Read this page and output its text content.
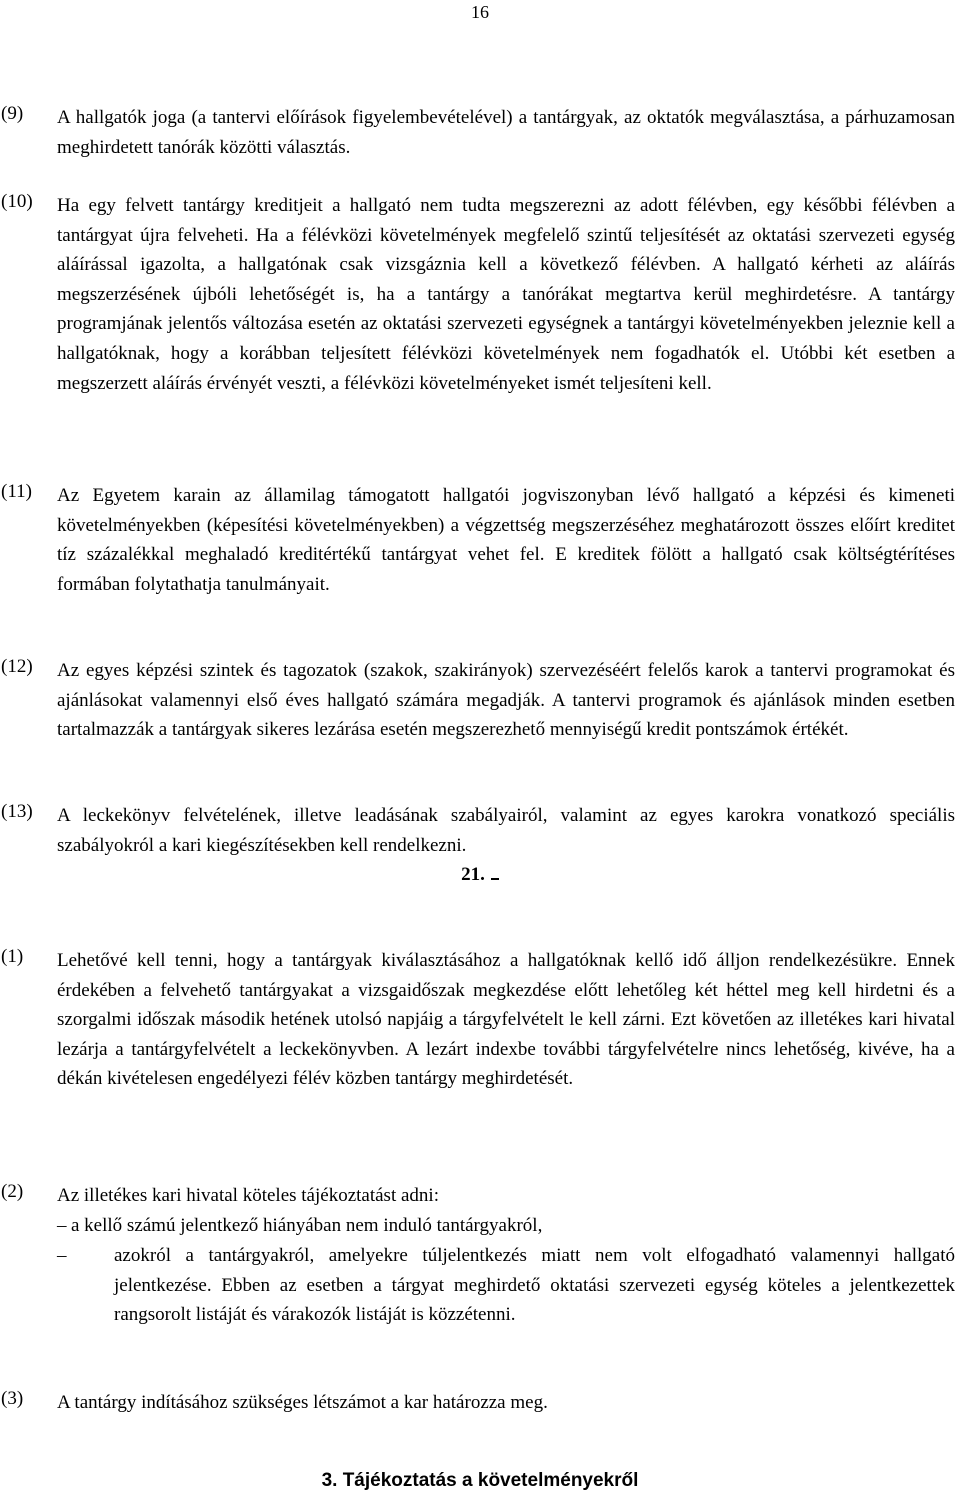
16
(9) A hallgatók joga (a tantervi előírások figyelembevételével) a tantárgyak, az oktatók megválasztása, a párhuzamosan meghirdetett tanórák közötti választás.
(10) Ha egy felvett tantárgy kreditjeit a hallgató nem tudta megszerezni az adott félévben, egy későbbi félévben a tantárgyat újra felveheti. Ha a félévközi követelmények megfelelő szintű teljesítését az oktatási szervezeti egység aláírással igazolta, a hallgatónak csak vizsgáznia kell a következő félévben. A hallgató kérheti az aláírás megszerzésének újbóli lehetőségét is, ha a tantárgy a tanórákat megtartva kerül meghirdetésre. A tantárgy programjának jelentős változása esetén az oktatási szervezeti egységnek a tantárgyi követelményekben jeleznie kell a hallgatóknak, hogy a korábban teljesített félévközi követelmények nem fogadhatók el. Utóbbi két esetben a megszerzett aláírás érvényét veszti, a félévközi követelményeket ismét teljesíteni kell.
(11) Az Egyetem karain az államilag támogatott hallgatói jogviszonyban lévő hallgató a képzési és kimeneti követelményekben (képesítési követelményekben) a végzettség megszerzéséhez meghatározott összes előírt kreditet tíz százalékkal meghaladó kreditértékű tantárgyat vehet fel. E kreditek fölött a hallgató csak költségtérítéses formában folytathatja tanulmányait.
(12) Az egyes képzési szintek és tagozatok (szakok, szakirányok) szervezéséért felelős karok a tantervi programokat és ajánlásokat valamennyi első éves hallgató számára megadják. A tantervi programok és ajánlások minden esetben tartalmazzák a tantárgyak sikeres lezárása esetén megszerezhető mennyiségű kredit pontszámok értékét.
(13) A leckekönyv felvételének, illetve leadásának szabályairól, valamint az egyes karokra vonatkozó speciális szabályokról a kari kiegészítésekben kell rendelkezni.
21.
(1) Lehetővé kell tenni, hogy a tantárgyak kiválasztásához a hallgatóknak kellő idő álljon rendelkezésükre. Ennek érdekében a felvehető tantárgyakat a vizsgaidőszak megkezdése előtt lehetőleg két héttel meg kell hirdetni és a szorgalmi időszak második hetének utolsó napjáig a tárgyfelvételt le kell zárni. Ezt követően az illetékes kari hivatal lezárja a tantárgyfelvételt a leckekönyvben. A lezárt indexbe további tárgyfelvételre nincs lehetőség, kivéve, ha a dékán kivételesen engedélyezi félév közben tantárgy meghirdetését.
(2) Az illetékes kari hivatal köteles tájékoztatást adni:
– a kellő számú jelentkező hiányában nem induló tantárgyakról,
–	azokról a tantárgyakról, amelyekre túljelentkezés miatt nem volt elfogadható valamennyi hallgató jelentkezése. Ebben az esetben a tárgyat meghirdető oktatási szervezeti egység köteles a jelentkezettek rangsorolt listáját és várakozók listáját is közzétenni.
(3) A tantárgy indításához szükséges létszámot a kar határozza meg.
3. Tájékoztatás a követelményekről
